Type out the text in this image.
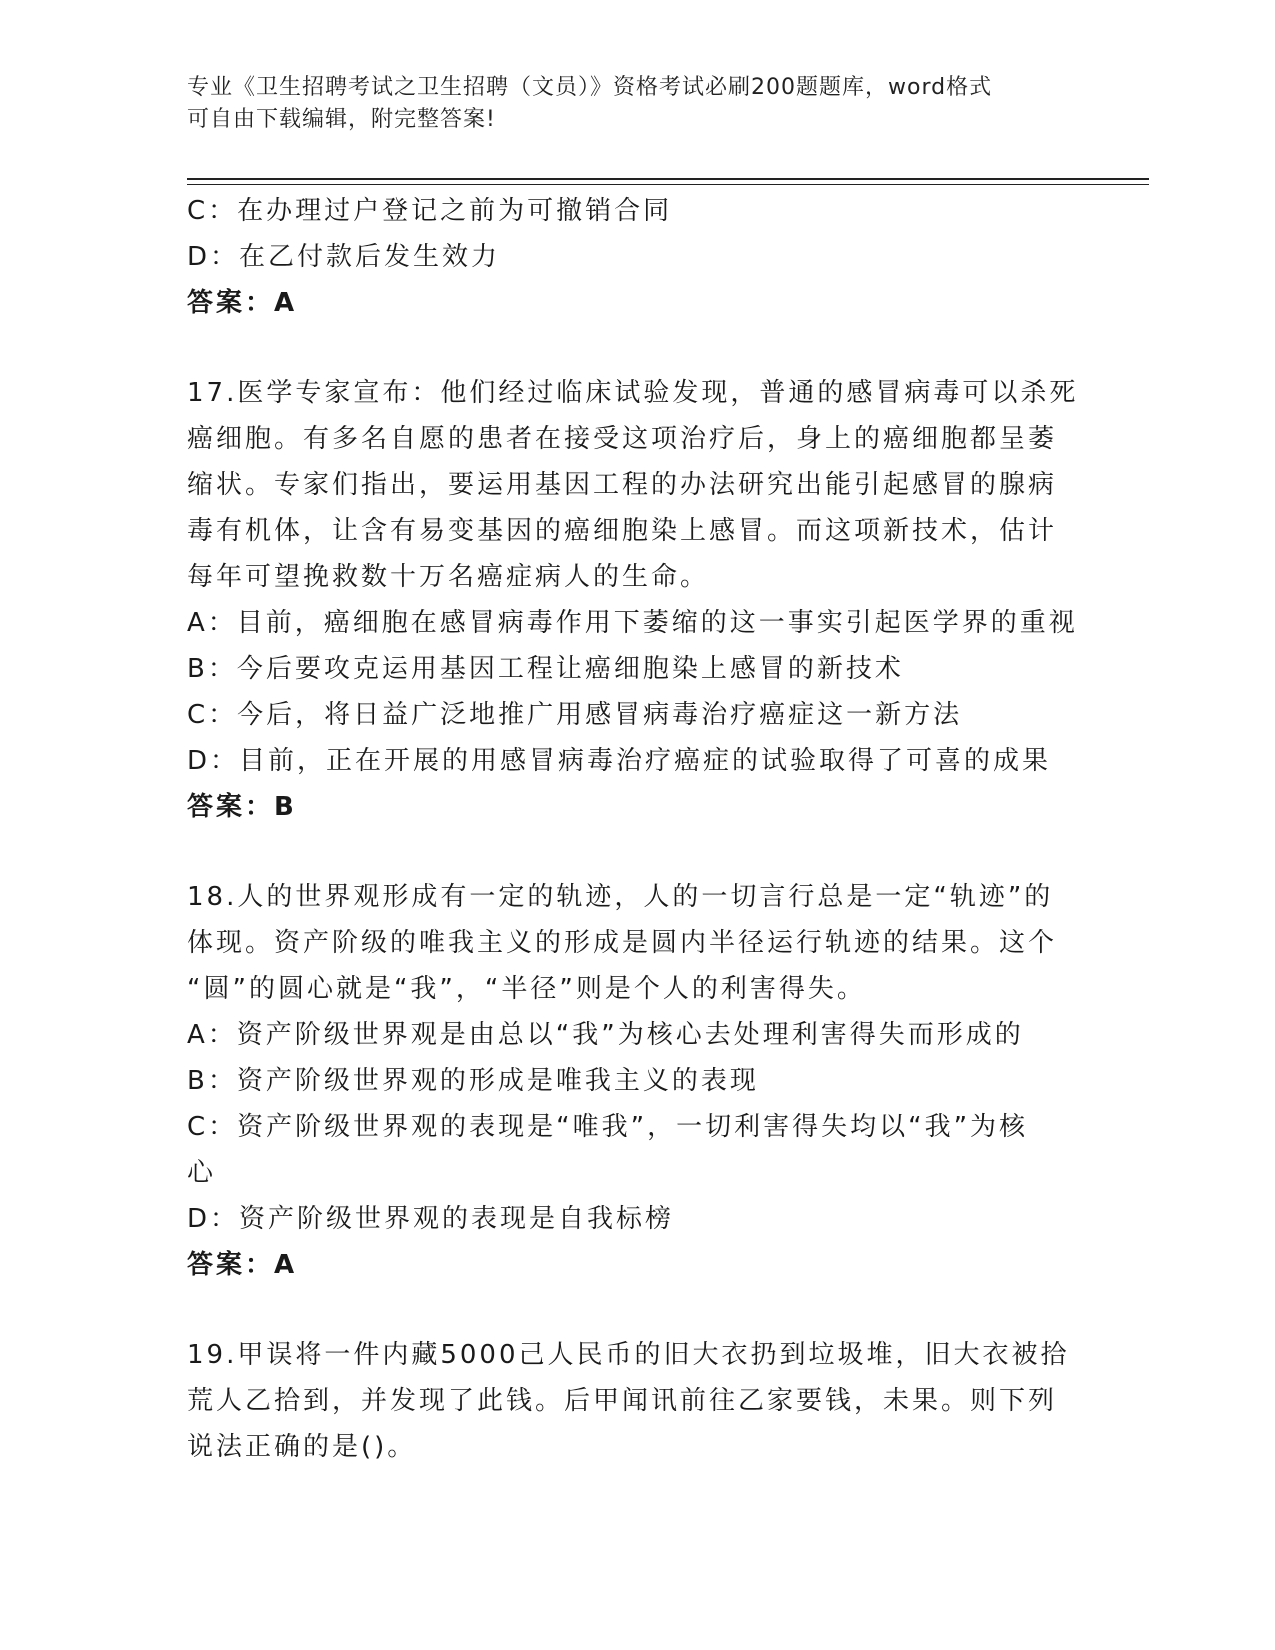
专业《卫生招聘考试之卫生招聘（文员）》资格考试必刷200题题库，word格式
可自由下载编辑，附完整答案!
C：在办理过户登记之前为可撤销合同
D：在乙付款后发生效力
答案：A
17.医学专家宣布：他们经过临床试验发现，普通的感冒病毒可以杀死
癌细胞。有多名自愿的患者在接受这项治疗后，身上的癌细胞都呈萎
缩状。专家们指出，要运用基因工程的办法研究出能引起感冒的腺病
毒有机体，让含有易变基因的癌细胞染上感冒。而这项新技术，估计
每年可望挽救数十万名癌症病人的生命。
A：目前，癌细胞在感冒病毒作用下萎缩的这一事实引起医学界的重视
B：今后要攻克运用基因工程让癌细胞染上感冒的新技术
C：今后，将日益广泛地推广用感冒病毒治疗癌症这一新方法
D：目前，正在开展的用感冒病毒治疗癌症的试验取得了可喜的成果
答案：B
18.人的世界观形成有一定的轨迹，人的一切言行总是一定“轨迹”的
体现。资产阶级的唯我主义的形成是圆内半径运行轨迹的结果。这个
“圆”的圆心就是“我”，“半径”则是个人的利害得失。
A：资产阶级世界观是由总以“我”为核心去处理利害得失而形成的
B：资产阶级世界观的形成是唯我主义的表现
C：资产阶级世界观的表现是“唯我”，一切利害得失均以“我”为核
心
D：资产阶级世界观的表现是自我标榜
答案：A
19.甲误将一件内藏5000己人民币的旧大衣扔到垃圾堆，旧大衣被拾
荒人乙拾到，并发现了此钱。后甲闻讯前往乙家要钱，未果。则下列
说法正确的是()。
